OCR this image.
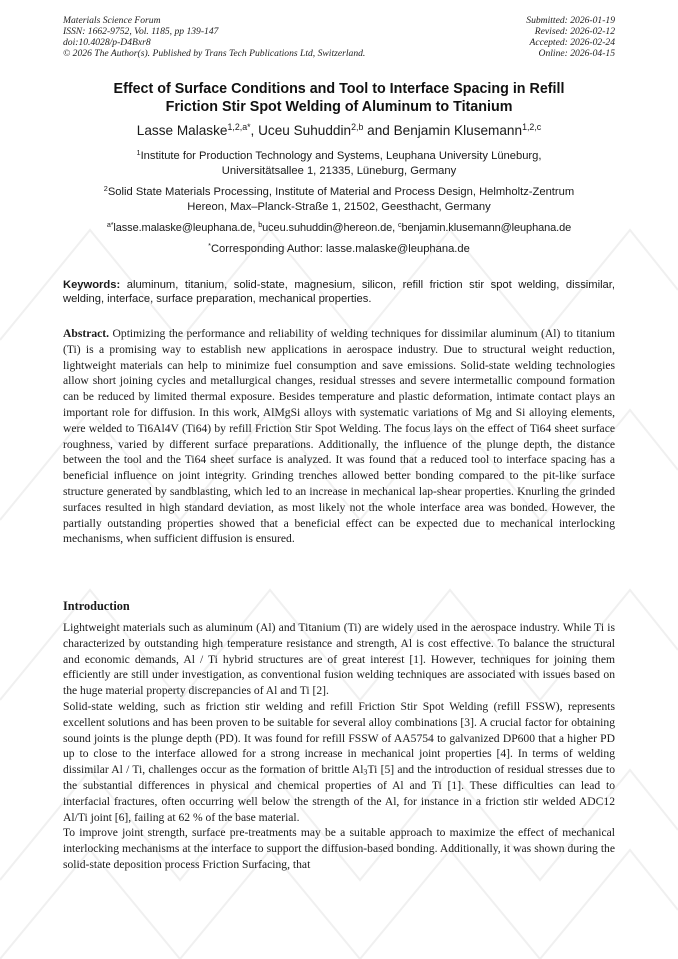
Materials Science Forum
ISSN: 1662-9752, Vol. 1185, pp 139-147
doi:10.4028/p-D4Bxr8
© 2026 The Author(s). Published by Trans Tech Publications Ltd, Switzerland.
Submitted: 2026-01-19
Revised: 2026-02-12
Accepted: 2026-02-24
Online: 2026-04-15
Effect of Surface Conditions and Tool to Interface Spacing in Refill
Friction Stir Spot Welding of Aluminum to Titanium
Lasse Malaske$^{1,2,a*}$, Uceu Suhuddin$^{2,b}$ and Benjamin Klusemann$^{1,2,c}$
$^1$Institute for Production Technology and Systems, Leuphana University Lüneburg,
Universitätsallee 1, 21335, Lüneburg, Germany
$^2$Solid State Materials Processing, Institute of Material and Process Design, Helmholtz-Zentrum
Hereon, Max–Planck-Straße 1, 21502, Geesthacht, Germany
$^{a*}$lasse.malaske@leuphana.de, $^b$uceu.suhuddin@hereon.de, $^c$benjamin.klusemann@leuphana.de
*Corresponding Author: lasse.malaske@leuphana.de
Keywords: aluminum, titanium, solid-state, magnesium, silicon, refill friction stir spot welding, dissimilar, welding, interface, surface preparation, mechanical properties.
Abstract. Optimizing the performance and reliability of welding techniques for dissimilar aluminum (Al) to titanium (Ti) is a promising way to establish new applications in aerospace industry. Due to structural weight reduction, lightweight materials can help to minimize fuel consumption and save emissions. Solid-state welding technologies allow short joining cycles and metallurgical changes, residual stresses and severe intermetallic compound formation can be reduced by limited thermal exposure. Besides temperature and plastic deformation, intimate contact plays an important role for diffusion. In this work, AlMgSi alloys with systematic variations of Mg and Si alloying elements, were welded to Ti6Al4V (Ti64) by refill Friction Stir Spot Welding. The focus lays on the effect of Ti64 sheet surface roughness, varied by different surface preparations. Additionally, the influence of the plunge depth, the distance between the tool and the Ti64 sheet surface is analyzed. It was found that a reduced tool to interface spacing has a beneficial influence on joint integrity. Grinding trenches allowed better bonding compared to the pit-like surface structure generated by sandblasting, which led to an increase in mechanical lap-shear properties. Knurling the grinded surfaces resulted in high standard deviation, as most likely not the whole interface area was bonded. However, the partially outstanding properties showed that a beneficial effect can be expected due to mechanical interlocking mechanisms, when sufficient diffusion is ensured.
Introduction

Lightweight materials such as aluminum (Al) and Titanium (Ti) are widely used in the aerospace industry. While Ti is characterized by outstanding high temperature resistance and strength, Al is cost effective. To balance the structural and economic demands, Al / Ti hybrid structures are of great interest [1]. However, techniques for joining them efficiently are still under investigation, as conventional fusion welding techniques are associated with issues based on the huge material property discrepancies of Al and Ti [2].

Solid-state welding, such as friction stir welding and refill Friction Stir Spot Welding (refill FSSW), represents excellent solutions and has been proven to be suitable for several alloy combinations [3]. A crucial factor for obtaining sound joints is the plunge depth (PD). It was found for refill FSSW of AA5754 to galvanized DP600 that a higher PD up to close to the interface allowed for a strong increase in mechanical joint properties [4]. In terms of welding dissimilar Al / Ti, challenges occur as the formation of brittle $Al_3Ti$ [5] and the introduction of residual stresses due to the substantial differences in physical and chemical properties of Al and Ti [1]. These difficulties can lead to interfacial fractures, often occurring well below the strength of the Al, for instance in a friction stir welded ADC12 Al/Ti joint [6], failing at 62 % of the base material.

To improve joint strength, surface pre-treatments may be a suitable approach to maximize the effect of mechanical interlocking mechanisms at the interface to support the diffusion-based bonding. Additionally, it was shown during the solid-state deposition process Friction Surfacing, that
